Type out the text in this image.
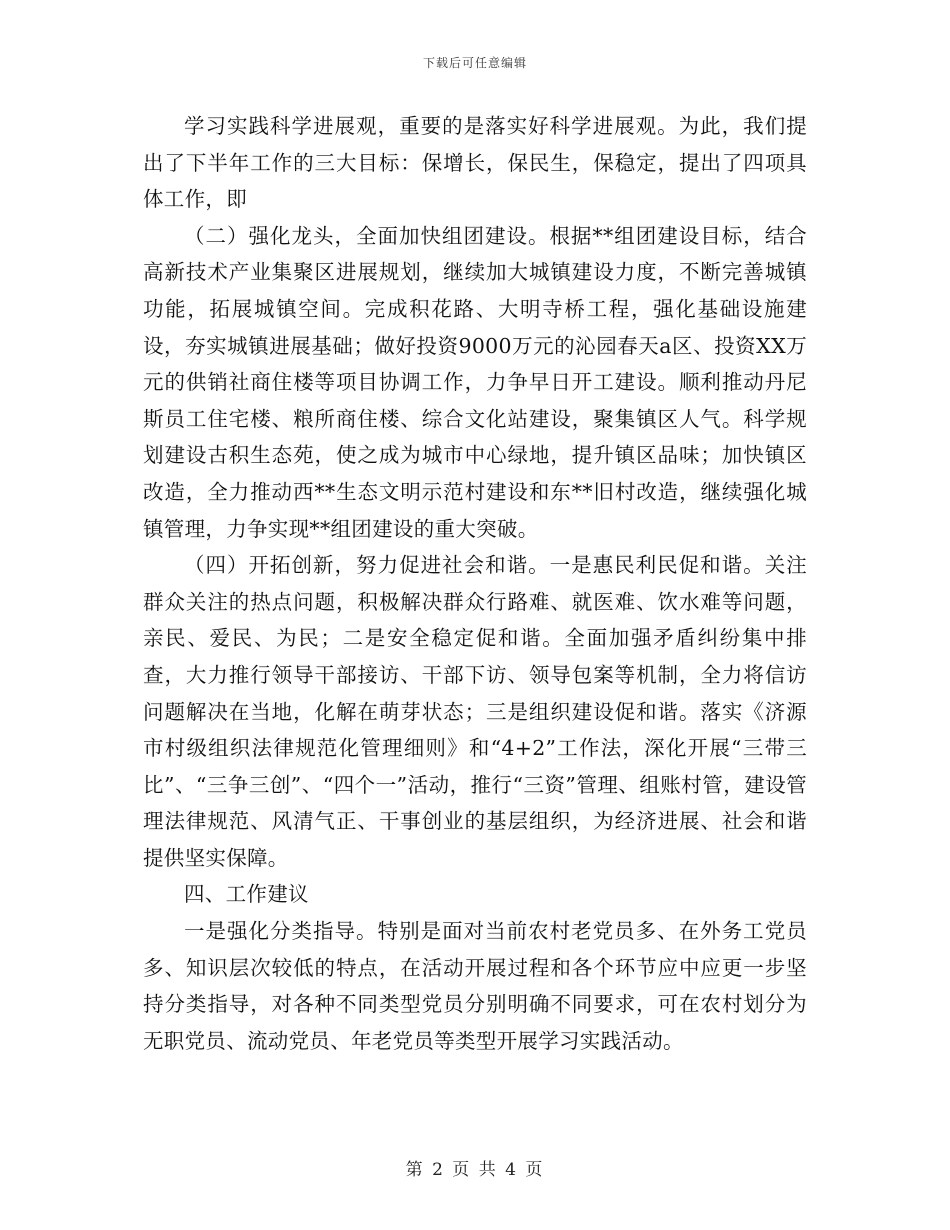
下载后可任意编辑

学习实践科学进展观，重要的是落实好科学进展观。为此，我们提出了下半年工作的三大目标：保增长，保民生，保稳定，提出了四项具体工作，即

（二）强化龙头，全面加快组团建设。根据**组团建设目标，结合高新技术产业集聚区进展规划，继续加大城镇建设力度，不断完善城镇功能，拓展城镇空间。完成积花路、大明寺桥工程，强化基础设施建设，夯实城镇进展基础；做好投资9000万元的沁园春天a区、投资XX万元的供销社商住楼等项目协调工作，力争早日开工建设。顺利推动丹尼斯员工住宅楼、粮所商住楼、综合文化站建设，聚集镇区人气。科学规划建设古积生态苑，使之成为城市中心绿地，提升镇区品味；加快镇区改造，全力推动西**生态文明示范村建设和东**旧村改造，继续强化城镇管理，力争实现**组团建设的重大突破。

（四）开拓创新，努力促进社会和谐。一是惠民利民促和谐。关注群众关注的热点问题，积极解决群众行路难、就医难、饮水难等问题，亲民、爱民、为民；二是安全稳定促和谐。全面加强矛盾纠纷集中排查，大力推行领导干部接访、干部下访、领导包案等机制，全力将信访问题解决在当地，化解在萌芽状态；三是组织建设促和谐。落实《济源市村级组织法律规范化管理细则》和“4+2”工作法，深化开展“三带三比”、“三争三创”、“四个一”活动，推行“三资”管理、组账村管，建设管理法律规范、风清气正、干事创业的基层组织，为经济进展、社会和谐提供坚实保障。

四、工作建议

一是强化分类指导。特别是面对当前农村老党员多、在外务工党员多、知识层次较低的特点，在活动开展过程和各个环节应中应更一步坚持分类指导，对各种不同类型党员分别明确不同要求，可在农村划分为无职党员、流动党员、年老党员等类型开展学习实践活动。

第 2 页 共 4 页
